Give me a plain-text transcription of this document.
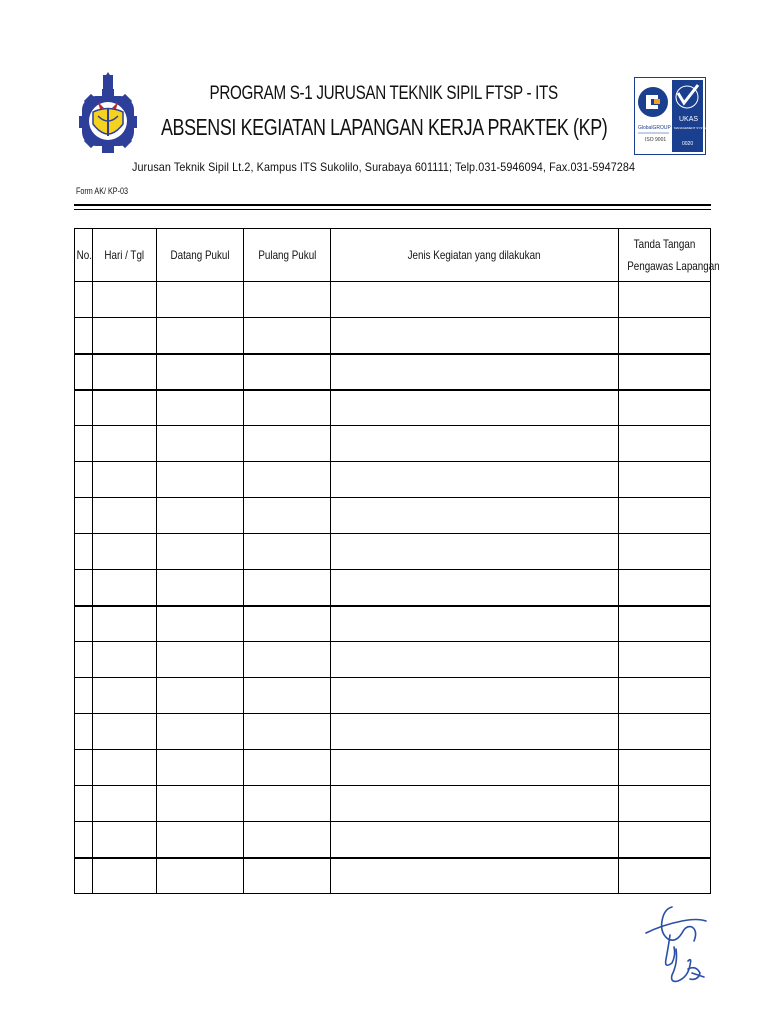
PROGRAM S-1 JURUSAN TEKNIK SIPIL FTSP - ITS
ABSENSI KEGIATAN LAPANGAN KERJA PRAKTEK (KP)
Jurusan Teknik Sipil Lt.2, Kampus ITS Sukolilo, Surabaya 601111; Telp.031-5946094, Fax.031-5947284
GlobalGROUP
ISO 9001
UKAS
MANAGEMENT SYSTEMS
0020
Form AK/ KP-03
No.	Hari / Tgl	Datang Pukul	Pulang Pukul	Jenis Kegiatan yang dilakukan	Tanda Tangan
Pengawas Lapangan
